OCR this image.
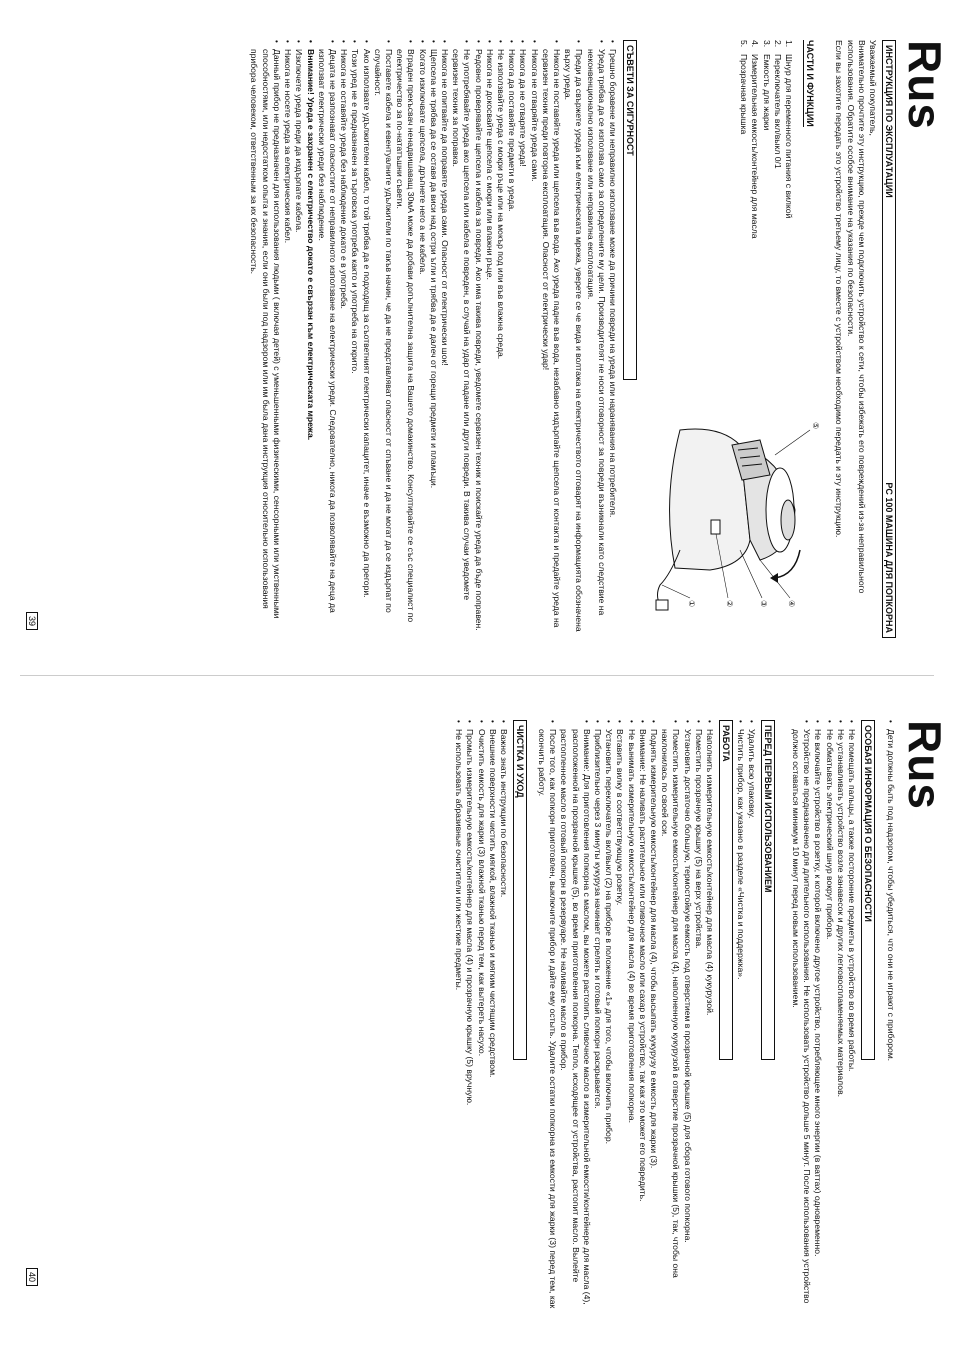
Rus
ИНСТРУКЦИЯ ПО ЭКСПЛУАТАЦИИ
PC 100 МАШИНА ДЛЯ ПОПКОРНА

Уважаемый покупатель,

Внимательно прочтите эту инструкцию, прежде чем подключить устройство к сети, чтобы избежать его повреждений из-за неправильного использования. Обратите особое внимание на указания по безопасности.

Если вы захотите передать это устройство третьему лицу, то вместе с устройством необходимо передать и эту инструкцию.

ЧАСТИ И ФУНКЦИИ
1.
Шнур для переменного питания с вилкой
2.
Переключатель вкл/выкл 0/1
3.
Емкость для жарки
4.
Измерительная емкость/контейнер для масла
5.
Прозрачная крышка
⑤
④
③
②
①
СЪВЕТИ ЗА СИГУРНОСТ
• Грешно боравене или неправилно използване може да причини повреди на уреда или наранявания на потребителя.
• Уреда трябва да се използва само за определените му цели. Производителят не носи отговорност за повреди възникнали като следствие на неконвенционално използване или неправилна експлоатация.
• Преди да свържете уреда към електрическата мрежа, уверете се че вида и волтажа на електричеството отговарят на информацията обозначена върху уреда.
• Никога не поставяйте уреда или щепсела във вода. Ако уреда падне във вода, незабавно издърпайте щепсела от контакта и предайте уреда на сервизен техник преди повторна експлоатация. Опасност от електрически удар!
• Никога не отваряйте уреда сами.
• Никога да не отваряте уреда!
• Никога да поставяйте предмети в уреда.
• Не използвайте уреда с мокри ръце или на мокър под или във влажна среда.
• Никога не докосвайте щепсела с мокри или влажни ръце.
• Редовно проверявайте щепсела и кабела за повреди. Ако има такива повреди, уведомете сервизен техник и поискайте уреда да бъде поправен.
• Не употребявайте уреда ако щепсела или кабела е повреден, в случай на удар от падане или други повреди. В такива случаи уведомете сервизен техник за поправка.
• Никога не опитвайте да поправяте уреда сами. Опасност от електрически шок!
• Щепсела не трябва да се оставя да виси над остри ъгли и трябва да е далеч от горещи предмети и пламъци.
• Когато изключвате щепсела, дръпнете него а не кабела.
• Вграден прекъсвач ненадвишаващ 30мА може да добави допълнителна защита на Вашето домакинство. Консултирайте се със специалист по електричество за по-нататъшни съвети.
• Поставете кабела и евентуалните удължители по такъв начин, че да не представляват опасност от спъване и да не могат да се издърпат по случайност.
• Ако използвате удължителен кабел, то той трябва да е подходящ за съответният електрически капацитет, иначе е възможно да прегори.
• Този уред не е предназначен за търговска употреба както и употреба на открито.
• Никога не оставяйте уреда без наблюдение докато е в употреба.
• Децата не разпознават опасностите от неправилното използване на електрически уреди. Следователно, никога да позволявайте на деца да използват електрически уреди без наблюдение.
• Внимание! Уреда е захранен с електричество докато е свързан към електрическата мрежа.
• Изключете уреда преди да издърпате кабела.
• Никога не носете уреда за електрическия кабел.
• Данный прибор не предназначен для использования людьми ( включая детей) с уменьшенными физическими, сенсорными или умственными способностями, или недостатком опыта и знания, если они были под надзором или им была дана инструкция относительно использования прибора человеком, ответственным за их безопасность.
39
Rus
• Дети должны быть под надзором, чтобы убедиться, что они не играют с прибором.
ОСОБАЯ ИНФОРМАЦИЯ О БЕЗОПАСНОСТИ
• Не помещать пальцы, а также посторонние предметы в устройство во время работы.
• Не устанавливать устройство возле занавесок и других легковоспламеняемых материалов.
• Не обматывать электрический шнур вокруг прибора.
• Не включайте устройство в розетку, к которой включено другое устройство, потребляющее много энергии (в ваттах) одновременно.
• Устройство не предназначено для длительного использования. Не использовать устройство дольше 5 минут. После использования устройство должно оставаться минимум 10 минут перед новым использованием.
ПЕРЕД ПЕРВЫМ ИСПОЛЬЗОВАНИЕМ
• Удалить всю упаковку.
• Чистить прибор, как указано в разделе «Чистка и поддержка».
РАБОТА
• Наполнить измерительную емкость/контейнер для масла (4) кукурузой.
• Поместить прозрачную крышку (5) на верх устройства.
• Установить достаточно большую, термостойкую емкость под отверстием в прозрачной крышке (5) для сбора готового попкорна.
• Поместить измерительную емкость/контейнер для масла (4), наполненную кукурузой в отверстие прозрачной крышки (5), так, чтобы она наклонилась по своей оси.
• Поднять измерительную емкость/контейнер для масла (4), чтобы высыпать кукурузу в емкость для жарки (3).
• Внимание: Не наливать растительное или сливочное масло или сахар в устройство, так как это может его повредить.
• Не вынимать измерительную емкость/контейнер для масла (4) во время приготовления попкорна.
• Вставить вилку в соответствующую розетку.
• Установить переключатель вкл/выкл (2) на приборе в положение «1» для того, чтобы включить прибор.
• Приблизительно через 3 минуты кукуруза начинает стрелять и готовый попкорн раскрывается.
• Внимание: Для приготовления попкорна с маслом, вы можете растопить сливочное масло в измерительной емкости/контейнере для масла (4), расположенной на прозрачной крышке (5), во время приготовления попкорна. Тепло, исходящее от устройства, растопит масло. Вылейте растопленное масло в готовый попкорн в резервуаре. Не наливайте масло в прибор.
• После того, как попкорн приготовлен, выключите прибор и дайте ему остыть. Удалите остатки попкорна из емкости для жарки (3) перед тем, как окончить работу.
ЧИСТКА И УХОД
• Важно знать инструкции по безопасности.
• Внешние поверхности чистить мягкой, влажной тканью и мягким чистящим средством.
• Очистить емкость для жарки (3) влажной тканью перед тем, как вытереть насухо.
• Промыть измерительную емкость/контейнер для масла (4) и прозрачную крышку (5) вручную.
• Не использовать абразивные очистители или жесткие предметы.
40
